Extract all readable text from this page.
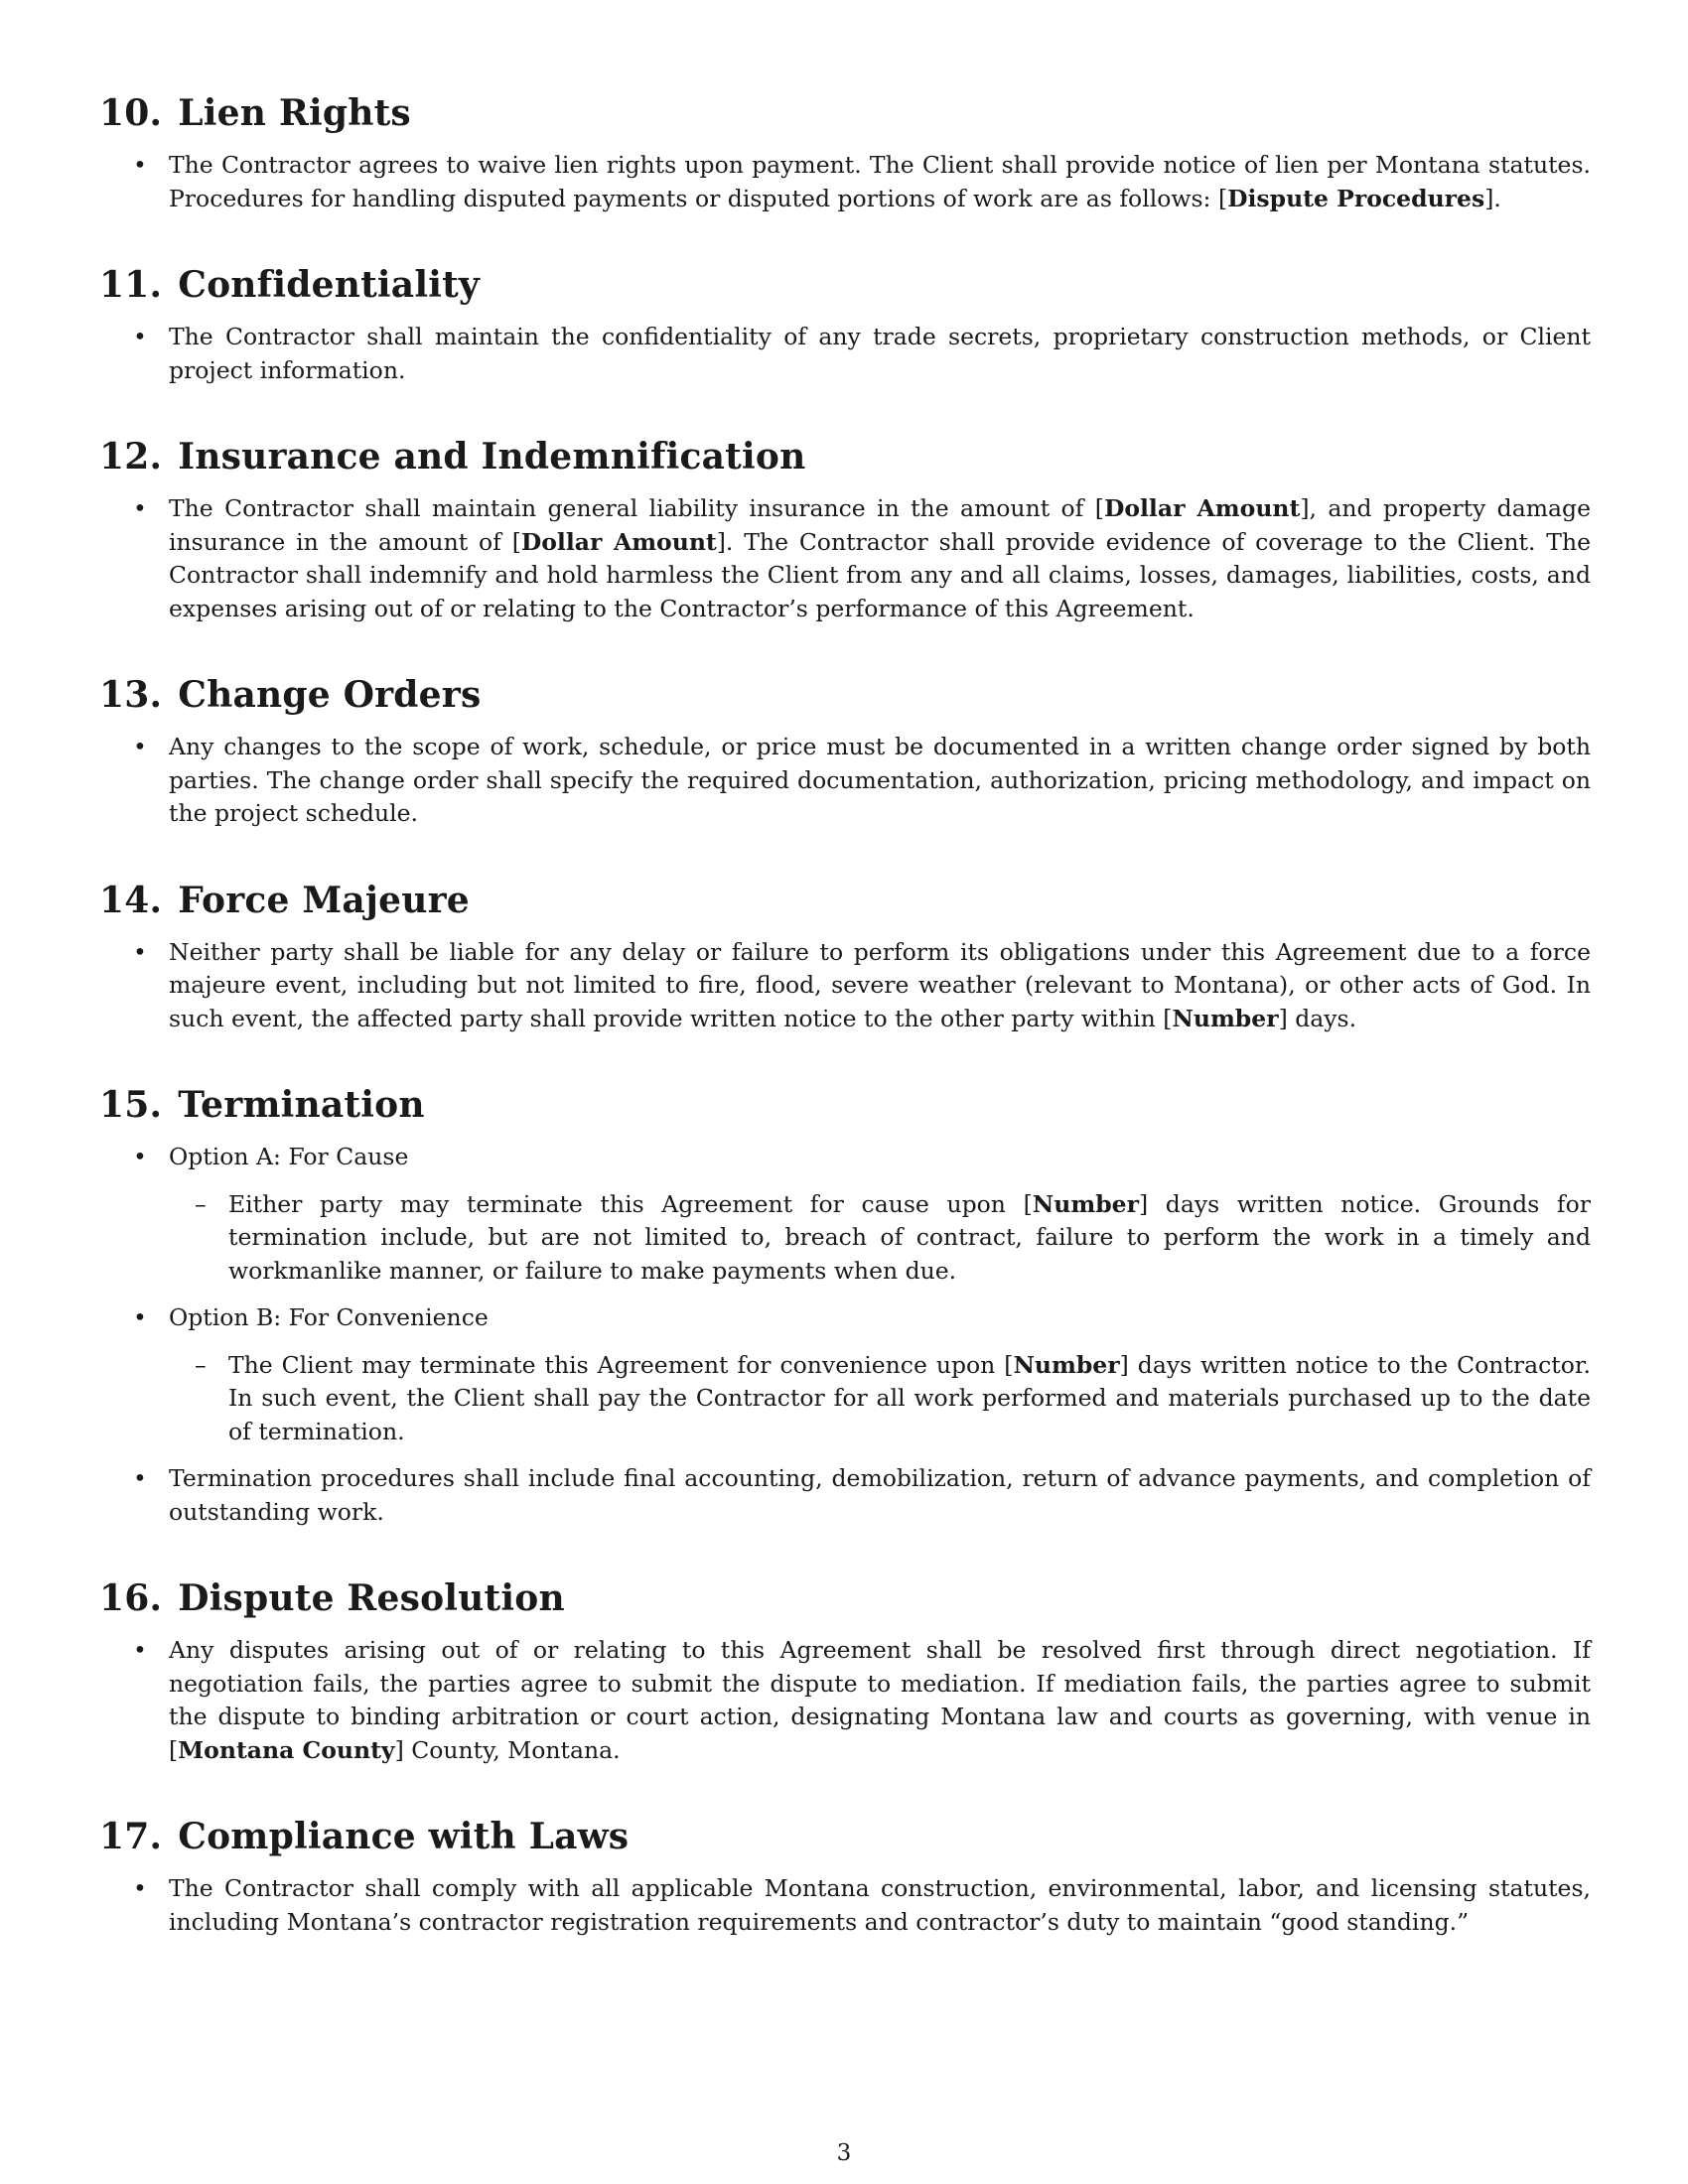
10. Lien Rights
• The Contractor agrees to waive lien rights upon payment. The Client shall provide notice of lien per Montana statutes. Procedures for handling disputed payments or disputed portions of work are as follows: [Dispute Procedures].
11. Confidentiality
• The Contractor shall maintain the confidentiality of any trade secrets, proprietary construction methods, or Client project information.
12. Insurance and Indemnification
• The Contractor shall maintain general liability insurance in the amount of [Dollar Amount], and property damage insurance in the amount of [Dollar Amount]. The Contractor shall provide evidence of coverage to the Client. The Contractor shall indemnify and hold harmless the Client from any and all claims, losses, damages, liabilities, costs, and expenses arising out of or relating to the Contractor’s performance of this Agreement.
13. Change Orders
• Any changes to the scope of work, schedule, or price must be documented in a written change order signed by both parties. The change order shall specify the required documentation, authorization, pricing methodology, and impact on the project schedule.
14. Force Majeure
• Neither party shall be liable for any delay or failure to perform its obligations under this Agreement due to a force majeure event, including but not limited to fire, flood, severe weather (relevant to Montana), or other acts of God. In such event, the affected party shall provide written notice to the other party within [Number] days.
15. Termination
• Option A: For Cause
– Either party may terminate this Agreement for cause upon [Number] days written notice. Grounds for termination include, but are not limited to, breach of contract, failure to perform the work in a timely and workmanlike manner, or failure to make payments when due.
• Option B: For Convenience
– The Client may terminate this Agreement for convenience upon [Number] days written notice to the Contractor. In such event, the Client shall pay the Contractor for all work performed and materials purchased up to the date of termination.
• Termination procedures shall include final accounting, demobilization, return of advance payments, and completion of outstanding work.
16. Dispute Resolution
• Any disputes arising out of or relating to this Agreement shall be resolved first through direct negotiation. If negotiation fails, the parties agree to submit the dispute to mediation. If mediation fails, the parties agree to submit the dispute to binding arbitration or court action, designating Montana law and courts as governing, with venue in [Montana County] County, Montana.
17. Compliance with Laws
• The Contractor shall comply with all applicable Montana construction, environmental, labor, and licensing statutes, including Montana’s contractor registration requirements and contractor’s duty to maintain “good standing.”
3
